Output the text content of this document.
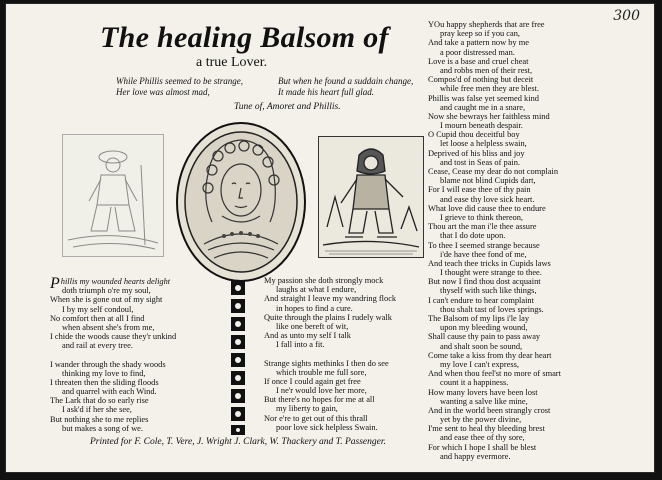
300
The healing Balsom of
a true Lover.
While Phillis seemed to be strange,
Her love was almost mad,
But when he found a suddain change,
It made his heart full glad.
Tune of, Amoret and Phillis.
Phillis my wounded hearts delight
doth triumph o're my soul,
When she is gone out of my sight
I by my self condoul,
No comfort then at all I find
when absent she's from me,
I chide the woods cause they'r unkind
and rail at every tree.
I wander through the shady woods
thinking my love to find,
I threaten then the sliding floods
and quarrel with each Wind.
The Lark that do so early rise
I ask'd if her she see,
But nothing she to me replies
but makes a song of we.
My passion she doth strongly mock
laughs at what I endure,
And straight I leave my wandring flock
in hopes to find a cure.
Quite through the plains I rudely walk
like one bereft of wit,
And as unto my self I talk
I fall into a fit.
Strange sights methinks I then do see
which trouble me full sore,
If once I could again get free
I ne'r would love her more,
But there's no hopes for me at all
my liberty to gain,
Nor e're to get out of this thrall
poor love sick helpless Swain.
YOu happy shepherds that are free
pray keep so if you can,
And take a pattern now by me
a poor distressed man.
Love is a base and cruel cheat
and robbs men of their rest,
Compos'd of nothing but deceit
while free men they are blest.
Phillis was false yet seemed kind
and caught me in a snare,
Now she bewrays her faithless mind
I mourn beneath despair.
O Cupid thou deceitful boy
let loose a helpless swain,
Deprived of his bliss and joy
and tost in Seas of pain.
Cease, Cease my dear do not complain
blame not blind Cupids dart,
For I will ease thee of thy pain
and ease thy love sick heart.
What love did cause thee to endure
I grieve to think thereon,
Thou art the man i'le thee assure
that I do dote upon.
To thee I seemed strange because
i'de have thee fond of me,
And teach thee tricks in Cupids laws
I thought were strange to thee.
But now I find thou dost acquaint
thyself with such like things,
I can't endure to hear complaint
thou shalt tast of loves springs.
The Balsom of my lips i'le lay
upon my bleeding wound,
Shall cause thy pain to pass away
and shalt soon be sound,
Come take a kiss from thy dear heart
my love I can't express,
And when thou feel'st no more of smart
count it a happiness.
How many lovers have been lost
wanting a salve like mine,
And in the world been strangly crost
yet by the power divine,
I'me sent to heal thy bleeding brest
and ease thee of thy sore,
For which I hope I shall be blest
and happy evermore.
Printed for F. Cole, T. Vere, J. Wright J. Clark, W. Thackery and T. Passenger.
